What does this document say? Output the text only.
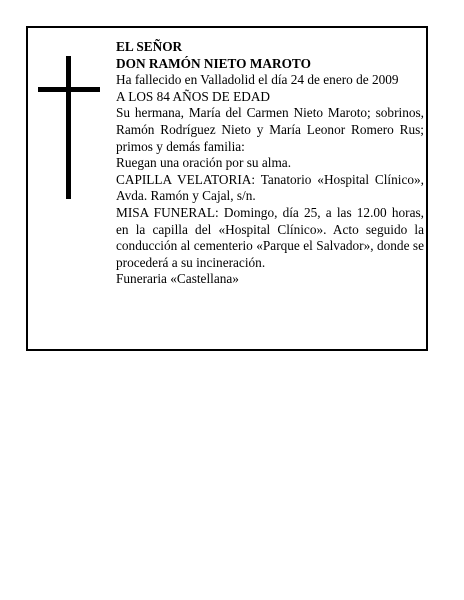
EL SEÑOR

DON RAMÓN NIETO MAROTO

Ha fallecido en Valladolid el día 24 de enero de 2009

A LOS 84 AÑOS DE EDAD

Su hermana, María del Carmen Nieto Maroto; sobrinos, Ramón Rodríguez Nieto y María Leonor Romero Rus; primos y demás familia:

Ruegan una oración por su alma.

CAPILLA VELATORIA: Tanatorio «Hospital Clínico», Avda. Ramón y Cajal, s/n.

MISA FUNERAL: Domingo, día 25, a las 12.00 horas, en la capilla del «Hospital Clínico». Acto seguido la conducción al cementerio «Parque el Salvador», donde se procederá a su incineración.

Funeraria «Castellana»
